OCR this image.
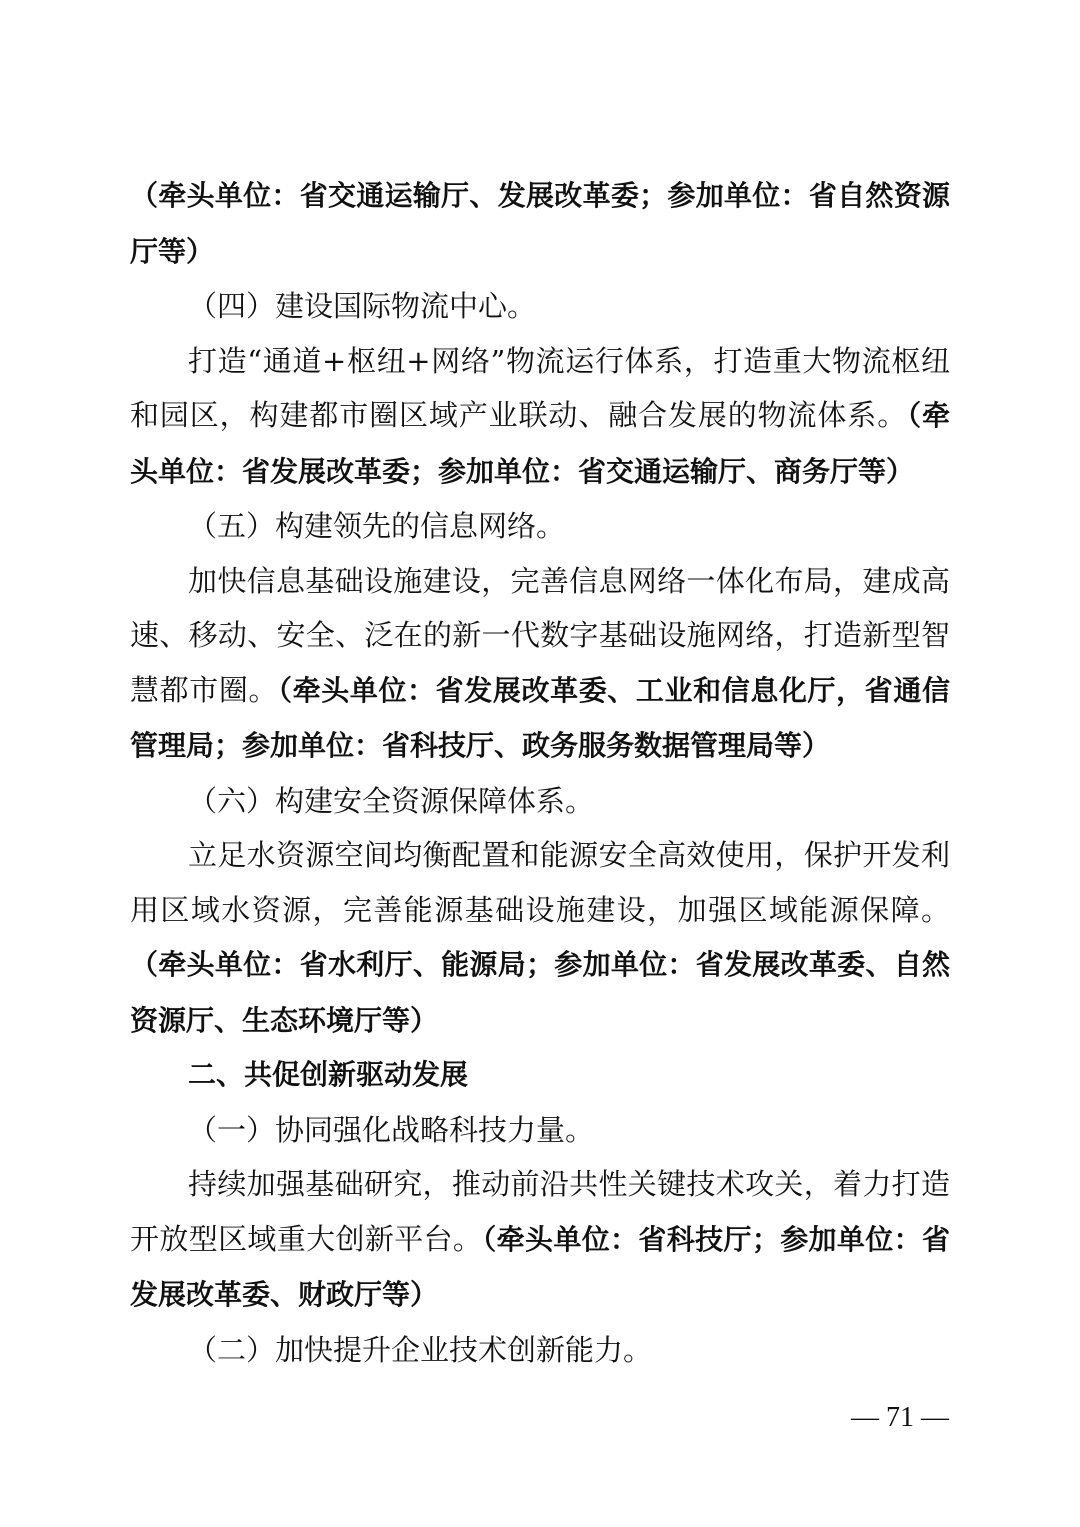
（牵头单位：省交通运输厅、发展改革委；参加单位：省自然资源厅等）

（四）建设国际物流中心。

打造“通道+枢纽+网络”物流运行体系，打造重大物流枢纽和园区，构建都市圈区域产业联动、融合发展的物流体系。（牵头单位：省发展改革委；参加单位：省交通运输厅、商务厅等）

（五）构建领先的信息网络。

加快信息基础设施建设，完善信息网络一体化布局，建成高速、移动、安全、泛在的新一代数字基础设施网络，打造新型智慧都市圈。（牵头单位：省发展改革委、工业和信息化厅，省通信管理局；参加单位：省科技厅、政务服务数据管理局等）

（六）构建安全资源保障体系。

立足水资源空间均衡配置和能源安全高效使用，保护开发利用区域水资源，完善能源基础设施建设，加强区域能源保障。（牵头单位：省水利厅、能源局；参加单位：省发展改革委、自然资源厅、生态环境厅等）

二、共促创新驱动发展

（一）协同强化战略科技力量。

持续加强基础研究，推动前沿共性关键技术攻关，着力打造开放型区域重大创新平台。（牵头单位：省科技厅；参加单位：省发展改革委、财政厅等）

（二）加快提升企业技术创新能力。

— 71 —
